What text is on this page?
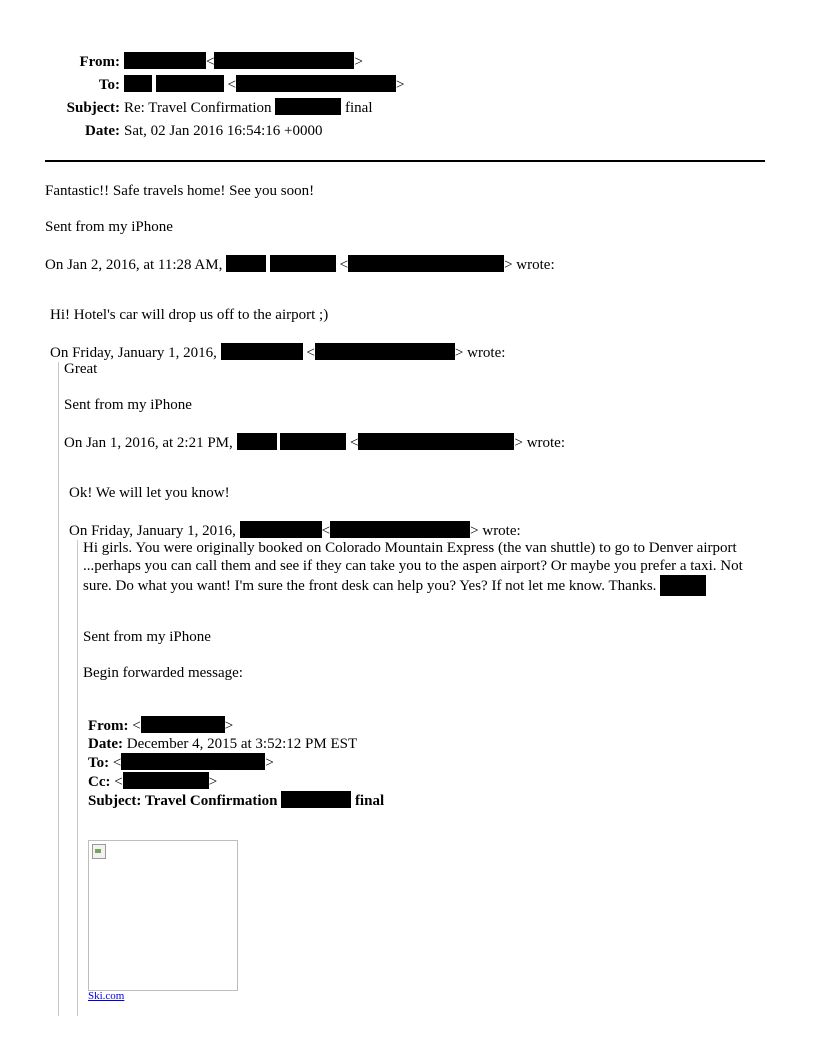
From:	<	>
To:	<	>
Subject: Re: Travel Confirmation	final
Date: Sat, 02 Jan 2016 16:54:16 +0000
Fantastic!! Safe travels home! See you soon!
Sent from my iPhone
On Jan 2, 2016, at 11:28 AM,	<	> wrote:
Hi! Hotel's car will drop us off to the airport ;)
On Friday, January 1, 2016,	<	> wrote:
Great
Sent from my iPhone
On Jan 1, 2016, at 2:21 PM,	<	> wrote:
Ok! We will let you know!
On Friday, January 1, 2016,	<	> wrote:
Hi girls. You were originally booked on Colorado Mountain Express (the van shuttle) to go to Denver airport ...perhaps you can call them and see if they can take you to the aspen airport? Or maybe you prefer a taxi. Not sure. Do what you want! I'm sure the front desk can help you? Yes? If not let me know. Thanks.
Sent from my iPhone
Begin forwarded message:
From: <	>
Date: December 4, 2015 at 3:52:12 PM EST
To: <	>
Cc: <	>
Subject: Travel Confirmation	final
Ski.com
